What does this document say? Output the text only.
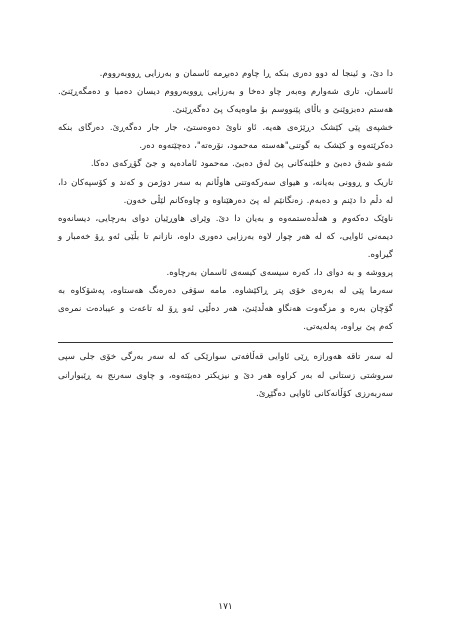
دا دێ، و ئینجا لە دوو دەری بنکە ڕا چاوم دەبڕمە ئاسمان و بەرزایی ڕووبەرووم.

ئاسمان، تاری شەوارم وەبەر چاو دەخا و بەرزایی ڕووبەرووم دیسان دەمبا و دەمگەڕێنێ. هەستم دەبزوێنێ و باڵای پێنووسم بۆ ماوەیەک پێ دەگەڕێنێ.

خشپەی پێی کێشک دڕێژەی هەیە. ئاو ناوێ دەوەستێ، جار جار دەگەڕێ. دەرگای بنکە دەکرێتەوە و کێشک بە گوتنی"هەستە مەحمود، نۆرەتە"، دەچێتەوە دەر.

شەو شەق دەبێ و خلێنەکانی پێ لەق دەبێ. مەحمود ئامادەیە و جێ گۆڕکەی دەکا.

تاریک و ڕوونی بەیانە، و هیوای سەرکەوتنی هاوڵانم بە سەر دوژمن و کەند و کۆسپەکان دا، لە دڵم دا دێنم و دەبەم. زەنگانێم لە پێ دەرهێناوە و چاوەکانم لێڵی خەون.

ناوێک دەکەوم و هەڵدەستمەوە و بەیان دا دێ. وێرای هاوڕێیان دوای بەرچایی، دیسانەوە دیمەنی ئاوایی، کە لە هەر چوار لاوە بەرزایی دەوری داوە، نازانم تا بڵێی ئەو ڕۆ خەمبار و گیراوە.

پرووشە و بە دوای دا، کەرە سیسەی کیسەی ئاسمان بەرچاوە.

سەرما پێی لە بەرەی خۆی پتر ڕاکێشاوە. مامە سۆفی دەرەنگ هەستاوە، پەشۆکاوە بە گۆچان بەرە و مزگەوت هەنگاو هەڵدێنێ، هەر دەڵێی ئەو ڕۆ لە تاعەت و عیبادەت نمرەی کەم پێ بڕاوە، پەلەیەتی.

لە سەر تاقە هەورازە ڕێی ئاوایی قەڵافەتی سوارێکی کە لە سەر بەرگی خۆی جلی سپی سروشتی زستانی لە بەر کراوە هەر دێ و نیزیکتر دەبێتەوە، و چاوی سەرنج بە ڕێبوارانی سەربەرزی کۆڵانەکانی ئاوایی دەگێڕێ.

١٧١
